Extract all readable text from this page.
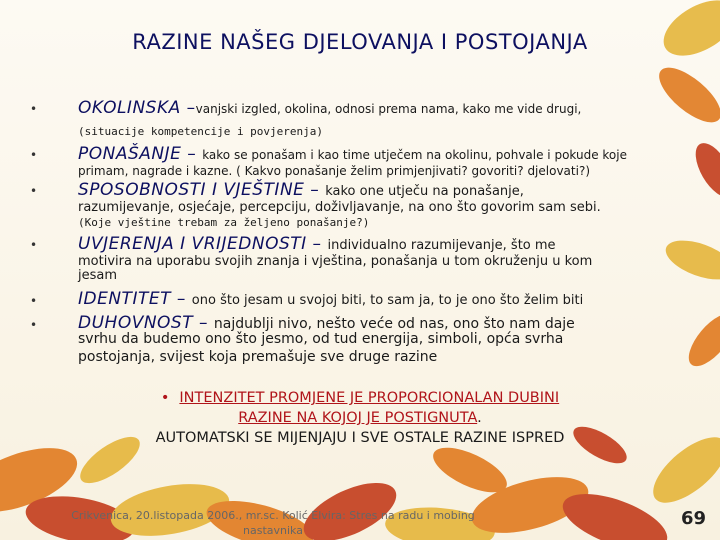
RAZINE NAŠEG DJELOVANJA I POSTOJANJA
• OKOLINSKA –vanjski izgled, okolina, odnosi prema nama, kako me vide drugi,
(situacije kompetencije i povjerenja)
• PONAŠANJE – kako se ponašam i kao time utječem na okolinu, pohvale i pokude koje
primam, nagrade i kazne. ( Kakvo ponašanje želim primjenjivati? govoriti? djelovati?)
• SPOSOBNOSTI I VJEŠTINE – kako one utječu na ponašanje,
razumijevanje, osjećaje, percepciju, doživljavanje, na ono što govorim sam sebi.
(Koje vještine trebam za željeno ponašanje?)
• UVJERENJA I VRIJEDNOSTI – individualno razumijevanje, što me
motivira na uporabu svojih znanja i vještina, ponašanja u tom okruženju u kom
jesam
• IDENTITET – ono što jesam u svojoj biti, to sam ja, to je ono što želim biti
• DUHOVNOST – najdublji nivo, nešto veće od nas, ono što nam daje
svrhu da budemo ono što jesmo, od tud energija, simboli, opća svrha
postojanja, svijest koja premašuje sve druge razine
• INTENZITET PROMJENE JE PROPORCIONALAN DUBINI
RAZINE NA KOJOJ JE POSTIGNUTA.
AUTOMATSKI SE MIJENJAJU I SVE OSTALE RAZINE ISPRED
Crikvenica, 20.listopada 2006., mr.sc. Kolić Elvira: Stres na radu i mobing
nastavnika
69
